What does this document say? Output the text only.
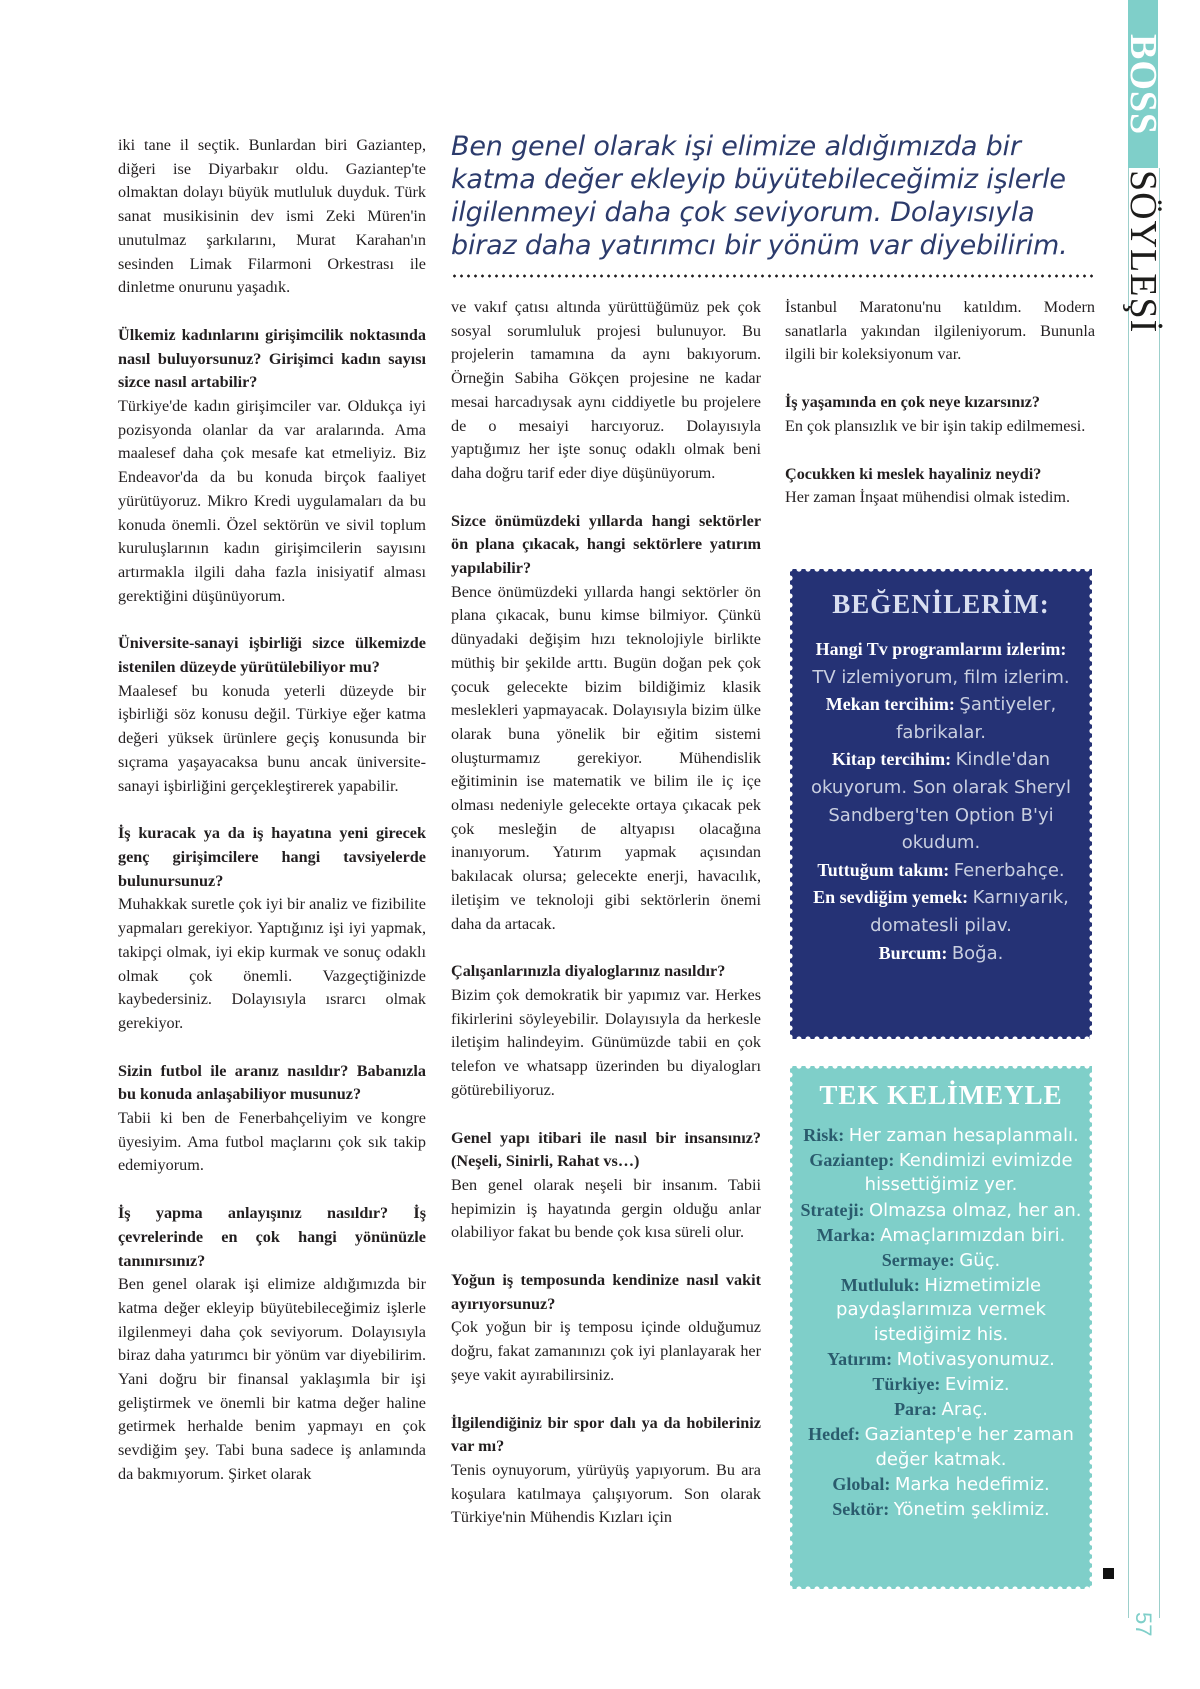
BOSS
SÖYLEŞİ
57
Ben genel olarak işi elimize aldığımızda bir katma değer ekleyip büyütebileceğimiz işlerle ilgilenmeyi daha çok seviyorum. Dolayısıyla biraz daha yatırımcı bir yönüm var diyebilirim.

iki tane il seçtik. Bunlardan biri Gaziantep, diğeri ise Diyarbakır oldu. Gaziantep'te olmaktan dolayı büyük mutluluk duyduk. Türk sanat musikisinin dev ismi Zeki Müren'in unutulmaz şarkılarını, Murat Karahan'ın sesinden Limak Filarmoni Orkestrası ile dinletme onurunu yaşadık.

Ülkemiz kadınlarını girişimcilik noktasında nasıl buluyorsunuz? Girişimci kadın sayısı sizce nasıl artabilir?
Türkiye'de kadın girişimciler var. Oldukça iyi pozisyonda olanlar da var aralarında. Ama maalesef daha çok mesafe kat etmeliyiz. Biz Endeavor'da da bu konuda birçok faaliyet yürütüyoruz. Mikro Kredi uygulamaları da bu konuda önemli. Özel sektörün ve sivil toplum kuruluşlarının kadın girişimcilerin sayısını artırmakla ilgili daha fazla inisiyatif alması gerektiğini düşünüyorum.

Üniversite-sanayi işbirliği sizce ülkemizde istenilen düzeyde yürütülebiliyor mu?
Maalesef bu konuda yeterli düzeyde bir işbirliği söz konusu değil. Türkiye eğer katma değeri yüksek ürünlere geçiş konusunda bir sıçrama yaşayacaksa bunu ancak üniversite-sanayi işbirliğini gerçekleştirerek yapabilir.

İş kuracak ya da iş hayatına yeni girecek genç girişimcilere hangi tavsiyelerde bulunursunuz?
Muhakkak suretle çok iyi bir analiz ve fizibilite yapmaları gerekiyor. Yaptığınız işi iyi yapmak, takipçi olmak, iyi ekip kurmak ve sonuç odaklı olmak çok önemli. Vazgeçtiğinizde kaybedersiniz. Dolayısıyla ısrarcı olmak gerekiyor.

Sizin futbol ile aranız nasıldır? Babanızla bu konuda anlaşabiliyor musunuz?
Tabii ki ben de Fenerbahçeliyim ve kongre üyesiyim. Ama futbol maçlarını çok sık takip edemiyorum.

İş yapma anlayışınız nasıldır? İş çevrelerinde en çok hangi yönünüzle tanınırsınız?
Ben genel olarak işi elimize aldığımızda bir katma değer ekleyip büyütebileceğimiz işlerle ilgilenmeyi daha çok seviyorum. Dolayısıyla biraz daha yatırımcı bir yönüm var diyebilirim. Yani doğru bir finansal yaklaşımla bir işi geliştirmek ve önemli bir katma değer haline getirmek herhalde benim yapmayı en çok sevdiğim şey. Tabi buna sadece iş anlamında da bakmıyorum. Şirket olarak

ve vakıf çatısı altında yürüttüğümüz pek çok sosyal sorumluluk projesi bulunuyor. Bu projelerin tamamına da aynı bakıyorum. Örneğin Sabiha Gökçen projesine ne kadar mesai harcadıysak aynı ciddiyetle bu projelere de o mesaiyi harcıyoruz. Dolayısıyla yaptığımız her işte sonuç odaklı olmak beni daha doğru tarif eder diye düşünüyorum.

Sizce önümüzdeki yıllarda hangi sektörler ön plana çıkacak, hangi sektörlere yatırım yapılabilir?
Bence önümüzdeki yıllarda hangi sektörler ön plana çıkacak, bunu kimse bilmiyor. Çünkü dünyadaki değişim hızı teknolojiyle birlikte müthiş bir şekilde arttı. Bugün doğan pek çok çocuk gelecekte bizim bildiğimiz klasik meslekleri yapmayacak. Dolayısıyla bizim ülke olarak buna yönelik bir eğitim sistemi oluşturmamız gerekiyor. Mühendislik eğitiminin ise matematik ve bilim ile iç içe olması nedeniyle gelecekte ortaya çıkacak pek çok mesleğin de altyapısı olacağına inanıyorum. Yatırım yapmak açısından bakılacak olursa; gelecekte enerji, havacılık, iletişim ve teknoloji gibi sektörlerin önemi daha da artacak.

Çalışanlarınızla diyaloglarınız nasıldır?
Bizim çok demokratik bir yapımız var. Herkes fikirlerini söyleyebilir. Dolayısıyla da herkesle iletişim halindeyim. Günümüzde tabii en çok telefon ve whatsapp üzerinden bu diyalogları götürebiliyoruz.

Genel yapı itibari ile nasıl bir insansınız? (Neşeli, Sinirli, Rahat vs…)
Ben genel olarak neşeli bir insanım. Tabii hepimizin iş hayatında gergin olduğu anlar olabiliyor fakat bu bende çok kısa süreli olur.

Yoğun iş temposunda kendinize nasıl vakit ayırıyorsunuz?
Çok yoğun bir iş temposu içinde olduğumuz doğru, fakat zamanınızı çok iyi planlayarak her şeye vakit ayırabilirsiniz.

İlgilendiğiniz bir spor dalı ya da hobileriniz var mı?
Tenis oynuyorum, yürüyüş yapıyorum. Bu ara koşulara katılmaya çalışıyorum. Son olarak Türkiye'nin Mühendis Kızları için

İstanbul Maratonu'nu katıldım. Modern sanatlarla yakından ilgileniyorum. Bununla ilgili bir koleksiyonum var.

İş yaşamında en çok neye kızarsınız?
En çok plansızlık ve bir işin takip edilmemesi.

Çocukken ki meslek hayaliniz neydi?
Her zaman İnşaat mühendisi olmak istedim.

BEĞENİLERİM:
Hangi Tv programlarını izlerim: TV izlemiyorum, film izlerim.
Mekan tercihim: Şantiyeler, fabrikalar.
Kitap tercihim: Kindle'dan okuyorum. Son olarak Sheryl Sandberg'ten Option B'yi okudum.
Tuttuğum takım: Fenerbahçe.
En sevdiğim yemek: Karnıyarık, domatesli pilav.
Burcum: Boğa.
TEK KELİMEYLE
Risk: Her zaman hesaplanmalı.
Gaziantep: Kendimizi evimizde hissettiğimiz yer.
Strateji: Olmazsa olmaz, her an.
Marka: Amaçlarımızdan biri.
Sermaye: Güç.
Mutluluk: Hizmetimizle paydaşlarımıza vermek istediğimiz his.
Yatırım: Motivasyonumuz.
Türkiye: Evimiz.
Para: Araç.
Hedef: Gaziantep'e her zaman değer katmak.
Global: Marka hedefimiz.
Sektör: Yönetim şeklimiz.
